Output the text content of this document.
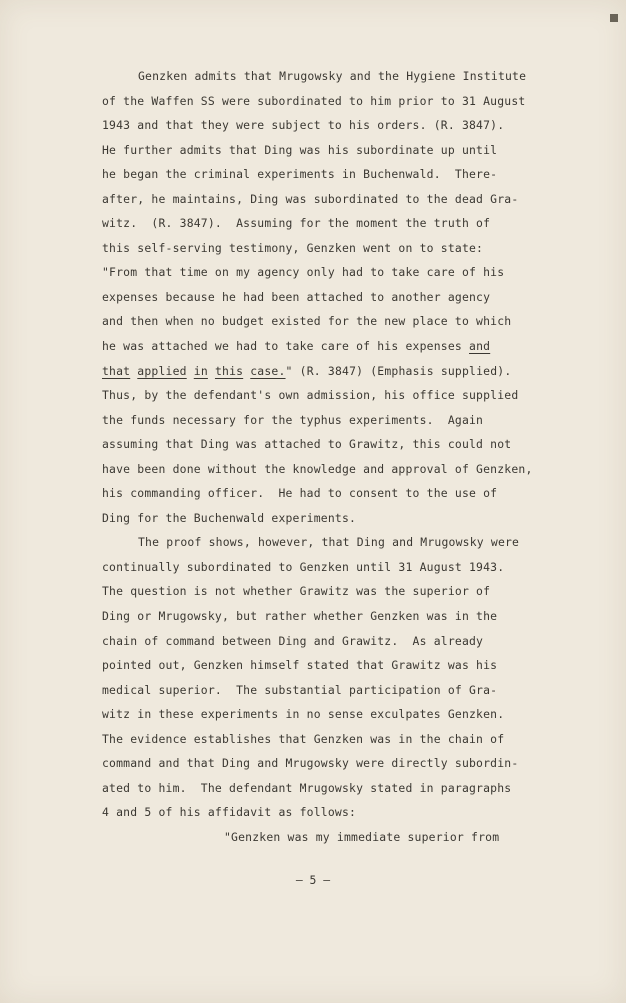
Genzken admits that Mrugowsky and the Hygiene Institute
of the Waffen SS were subordinated to him prior to 31 August
1943 and that they were subject to his orders. (R. 3847).
He further admits that Ding was his subordinate up until
he began the criminal experiments in Buchenwald.  There-
after, he maintains, Ding was subordinated to the dead Gra-
witz.  (R. 3847).  Assuming for the moment the truth of
this self-serving testimony, Genzken went on to state:
"From that time on my agency only had to take care of his
expenses because he had been attached to another agency
and then when no budget existed for the new place to which
he was attached we had to take care of his expenses and
that applied in this case." (R. 3847) (Emphasis supplied).
Thus, by the defendant's own admission, his office supplied
the funds necessary for the typhus experiments.  Again
assuming that Ding was attached to Grawitz, this could not
have been done without the knowledge and approval of Genzken,
his commanding officer.  He had to consent to the use of
Ding for the Buchenwald experiments.
The proof shows, however, that Ding and Mrugowsky were
continually subordinated to Genzken until 31 August 1943.
The question is not whether Grawitz was the superior of
Ding or Mrugowsky, but rather whether Genzken was in the
chain of command between Ding and Grawitz.  As already
pointed out, Genzken himself stated that Grawitz was his
medical superior.  The substantial participation of Gra-
witz in these experiments in no sense exculpates Genzken.
The evidence establishes that Genzken was in the chain of
command and that Ding and Mrugowsky were directly subordin-
ated to him.  The defendant Mrugowsky stated in paragraphs
4 and 5 of his affidavit as follows:
"Genzken was my immediate superior from
– 5 –
